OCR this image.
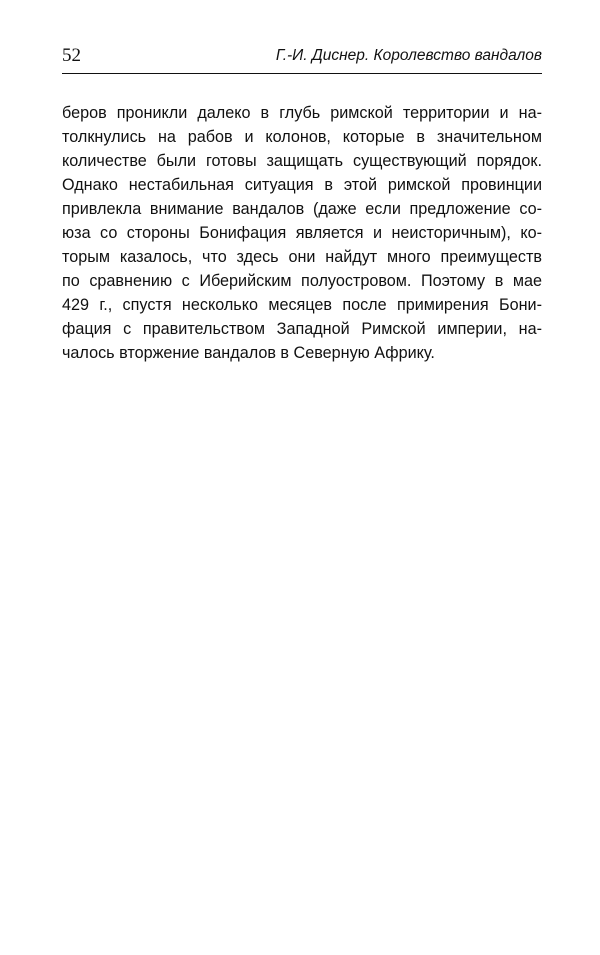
52	Г.-И. Диснер. Королевство вандалов
беров проникли далеко в глубь римской территории и на-
толкнулись на рабов и колонов, которые в значительном
количестве были готовы защищать существующий порядок.
Однако нестабильная ситуация в этой римской провинции
привлекла внимание вандалов (даже если предложение со-
юза со стороны Бонифация является и неисторичным), ко-
торым казалось, что здесь они найдут много преимуществ
по сравнению с Иберийским полуостровом. Поэтому в мае
429 г., спустя несколько месяцев после примирения Бони-
фация с правительством Западной Римской империи, на-
чалось вторжение вандалов в Северную Африку.
